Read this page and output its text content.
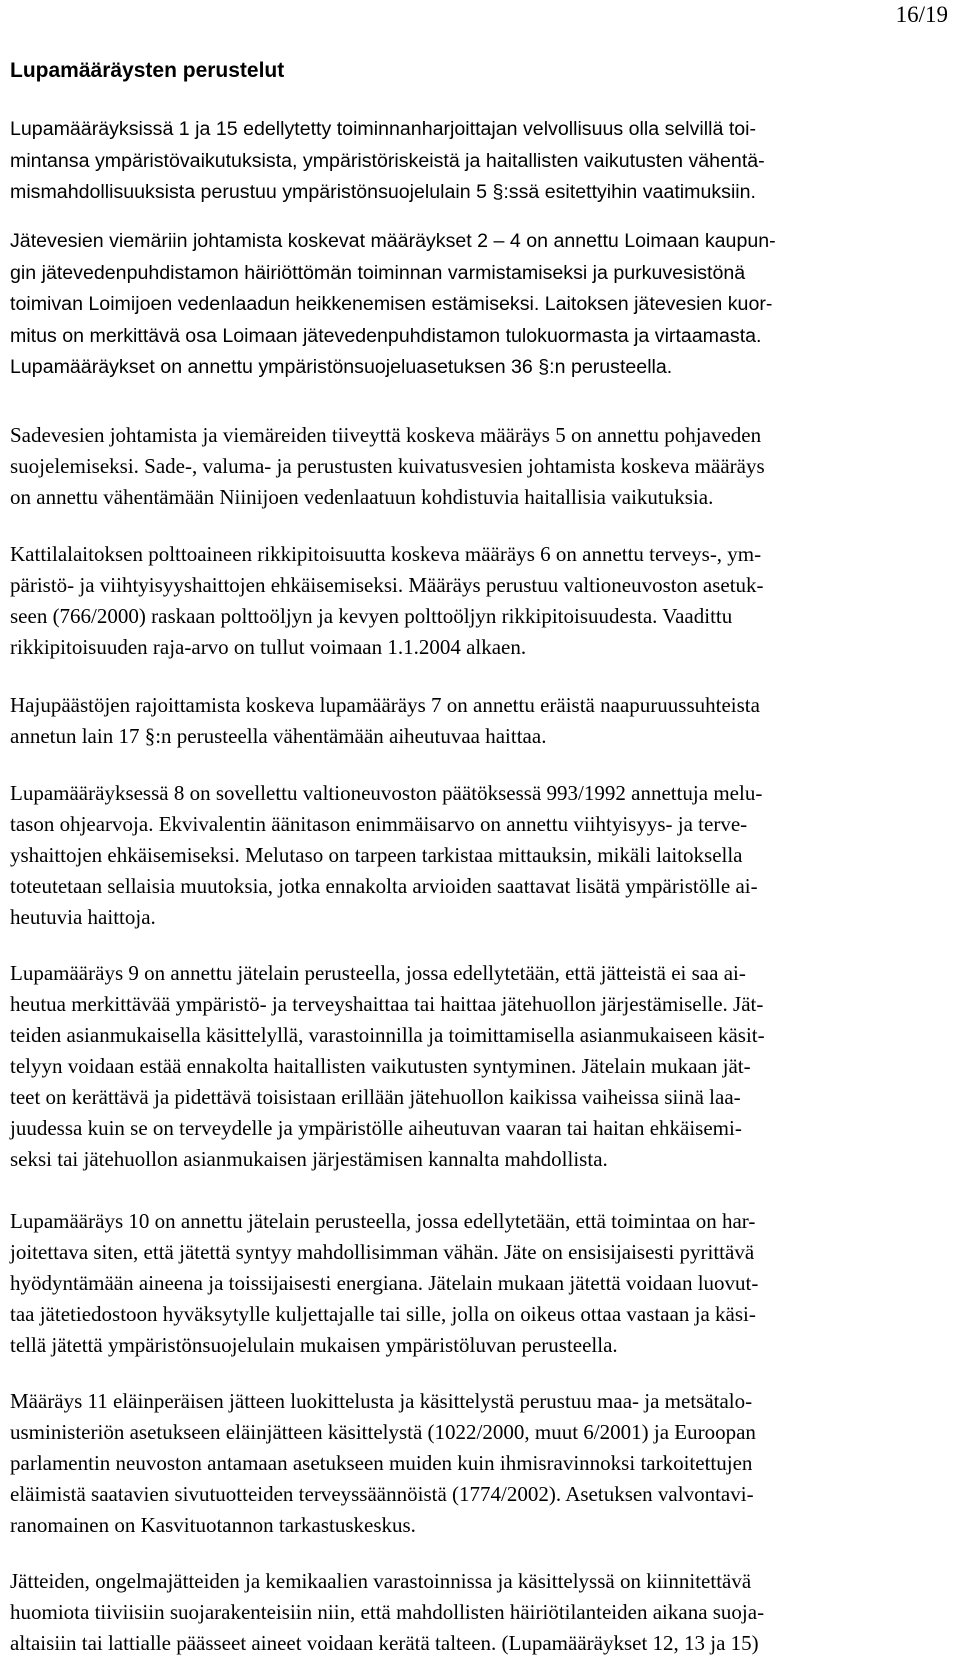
16/19
Lupamääräysten perustelut

Lupamääräyksissä 1 ja 15 edellytetty toiminnanharjoittajan velvollisuus olla selvillä toi-
mintansa ympäristövaikutuksista, ympäristöriskeistä ja haitallisten vaikutusten vähentä-
mismahdollisuuksista perustuu ympäristönsuojelulain 5 §:ssä esitettyihin vaatimuksiin.

Jätevesien viemäriin johtamista koskevat määräykset 2 – 4 on annettu Loimaan kaupun-
gin jätevedenpuhdistamon häiriöttömän toiminnan varmistamiseksi ja purkuvesistönä
toimivan Loimijoen vedenlaadun heikkenemisen estämiseksi. Laitoksen jätevesien kuor-
mitus on merkittävä osa Loimaan jätevedenpuhdistamon tulokuormasta ja virtaamasta.
Lupamääräykset on annettu ympäristönsuojeluasetuksen 36 §:n perusteella.

Sadevesien johtamista ja viemäreiden tiiveyttä koskeva määräys 5 on annettu pohjaveden
suojelemiseksi. Sade-, valuma- ja perustusten kuivatusvesien johtamista koskeva määräys
on annettu vähentämään Niinijoen vedenlaatuun kohdistuvia haitallisia vaikutuksia.

Kattilalaitoksen polttoaineen rikkipitoisuutta koskeva määräys 6 on annettu terveys-, ym-
päristö- ja viihtyisyyshaittojen ehkäisemiseksi. Määräys perustuu valtioneuvoston asetuk-
seen (766/2000) raskaan polttoöljyn ja kevyen polttoöljyn rikkipitoisuudesta. Vaadittu
rikkipitoisuuden raja-arvo on tullut voimaan 1.1.2004 alkaen.

Hajupäästöjen rajoittamista koskeva lupamääräys 7 on annettu eräistä naapuruussuhteista
annetun lain 17 §:n perusteella vähentämään aiheutuvaa haittaa.

Lupamääräyksessä 8 on sovellettu valtioneuvoston päätöksessä 993/1992 annettuja melu-
tason ohjearvoja. Ekvivalentin äänitason enimmäisarvo on annettu viihtyisyys- ja terve-
yshaittojen ehkäisemiseksi. Melutaso on tarpeen tarkistaa mittauksin, mikäli laitoksella
toteutetaan sellaisia muutoksia, jotka ennakolta arvioiden saattavat lisätä ympäristölle ai-
heutuvia haittoja.

Lupamääräys 9 on annettu jätelain perusteella, jossa edellytetään, että jätteistä ei saa ai-
heutua merkittävää ympäristö- ja terveyshaittaa tai haittaa jätehuollon järjestämiselle. Jät-
teiden asianmukaisella käsittelyllä, varastoinnilla ja toimittamisella asianmukaiseen käsit-
telyyn voidaan estää ennakolta haitallisten vaikutusten syntyminen. Jätelain mukaan jät-
teet on kerättävä ja pidettävä toisistaan erillään jätehuollon kaikissa vaiheissa siinä laa-
juudessa kuin se on terveydelle ja ympäristölle aiheutuvan vaaran tai haitan ehkäisemi-
seksi tai jätehuollon asianmukaisen järjestämisen kannalta mahdollista.

Lupamääräys 10 on annettu jätelain perusteella, jossa edellytetään, että toimintaa on har-
joitettava siten, että jätettä syntyy mahdollisimman vähän. Jäte on ensisijaisesti pyrittävä
hyödyntämään aineena ja toissijaisesti energiana. Jätelain mukaan jätettä voidaan luovut-
taa jätetiedostoon hyväksytylle kuljettajalle tai sille, jolla on oikeus ottaa vastaan ja käsi-
tellä jätettä ympäristönsuojelulain mukaisen ympäristöluvan perusteella.

Määräys 11 eläinperäisen jätteen luokittelusta ja käsittelystä perustuu maa- ja metsätalo-
usministeriön asetukseen eläinjätteen käsittelystä (1022/2000, muut 6/2001) ja Euroopan
parlamentin neuvoston antamaan asetukseen muiden kuin ihmisravinnoksi tarkoitettujen
eläimistä saatavien sivutuotteiden terveyssäännöistä (1774/2002). Asetuksen valvontavi-
ranomainen on Kasvituotannon tarkastuskeskus.

Jätteiden, ongelmajätteiden ja kemikaalien varastoinnissa ja käsittelyssä on kiinnitettävä
huomiota tiiviisiin suojarakenteisiin niin, että mahdollisten häiriötilanteiden aikana suoja-
altaisiin tai lattialle päässeet aineet voidaan kerätä talteen. (Lupamääräykset 12, 13 ja 15)
